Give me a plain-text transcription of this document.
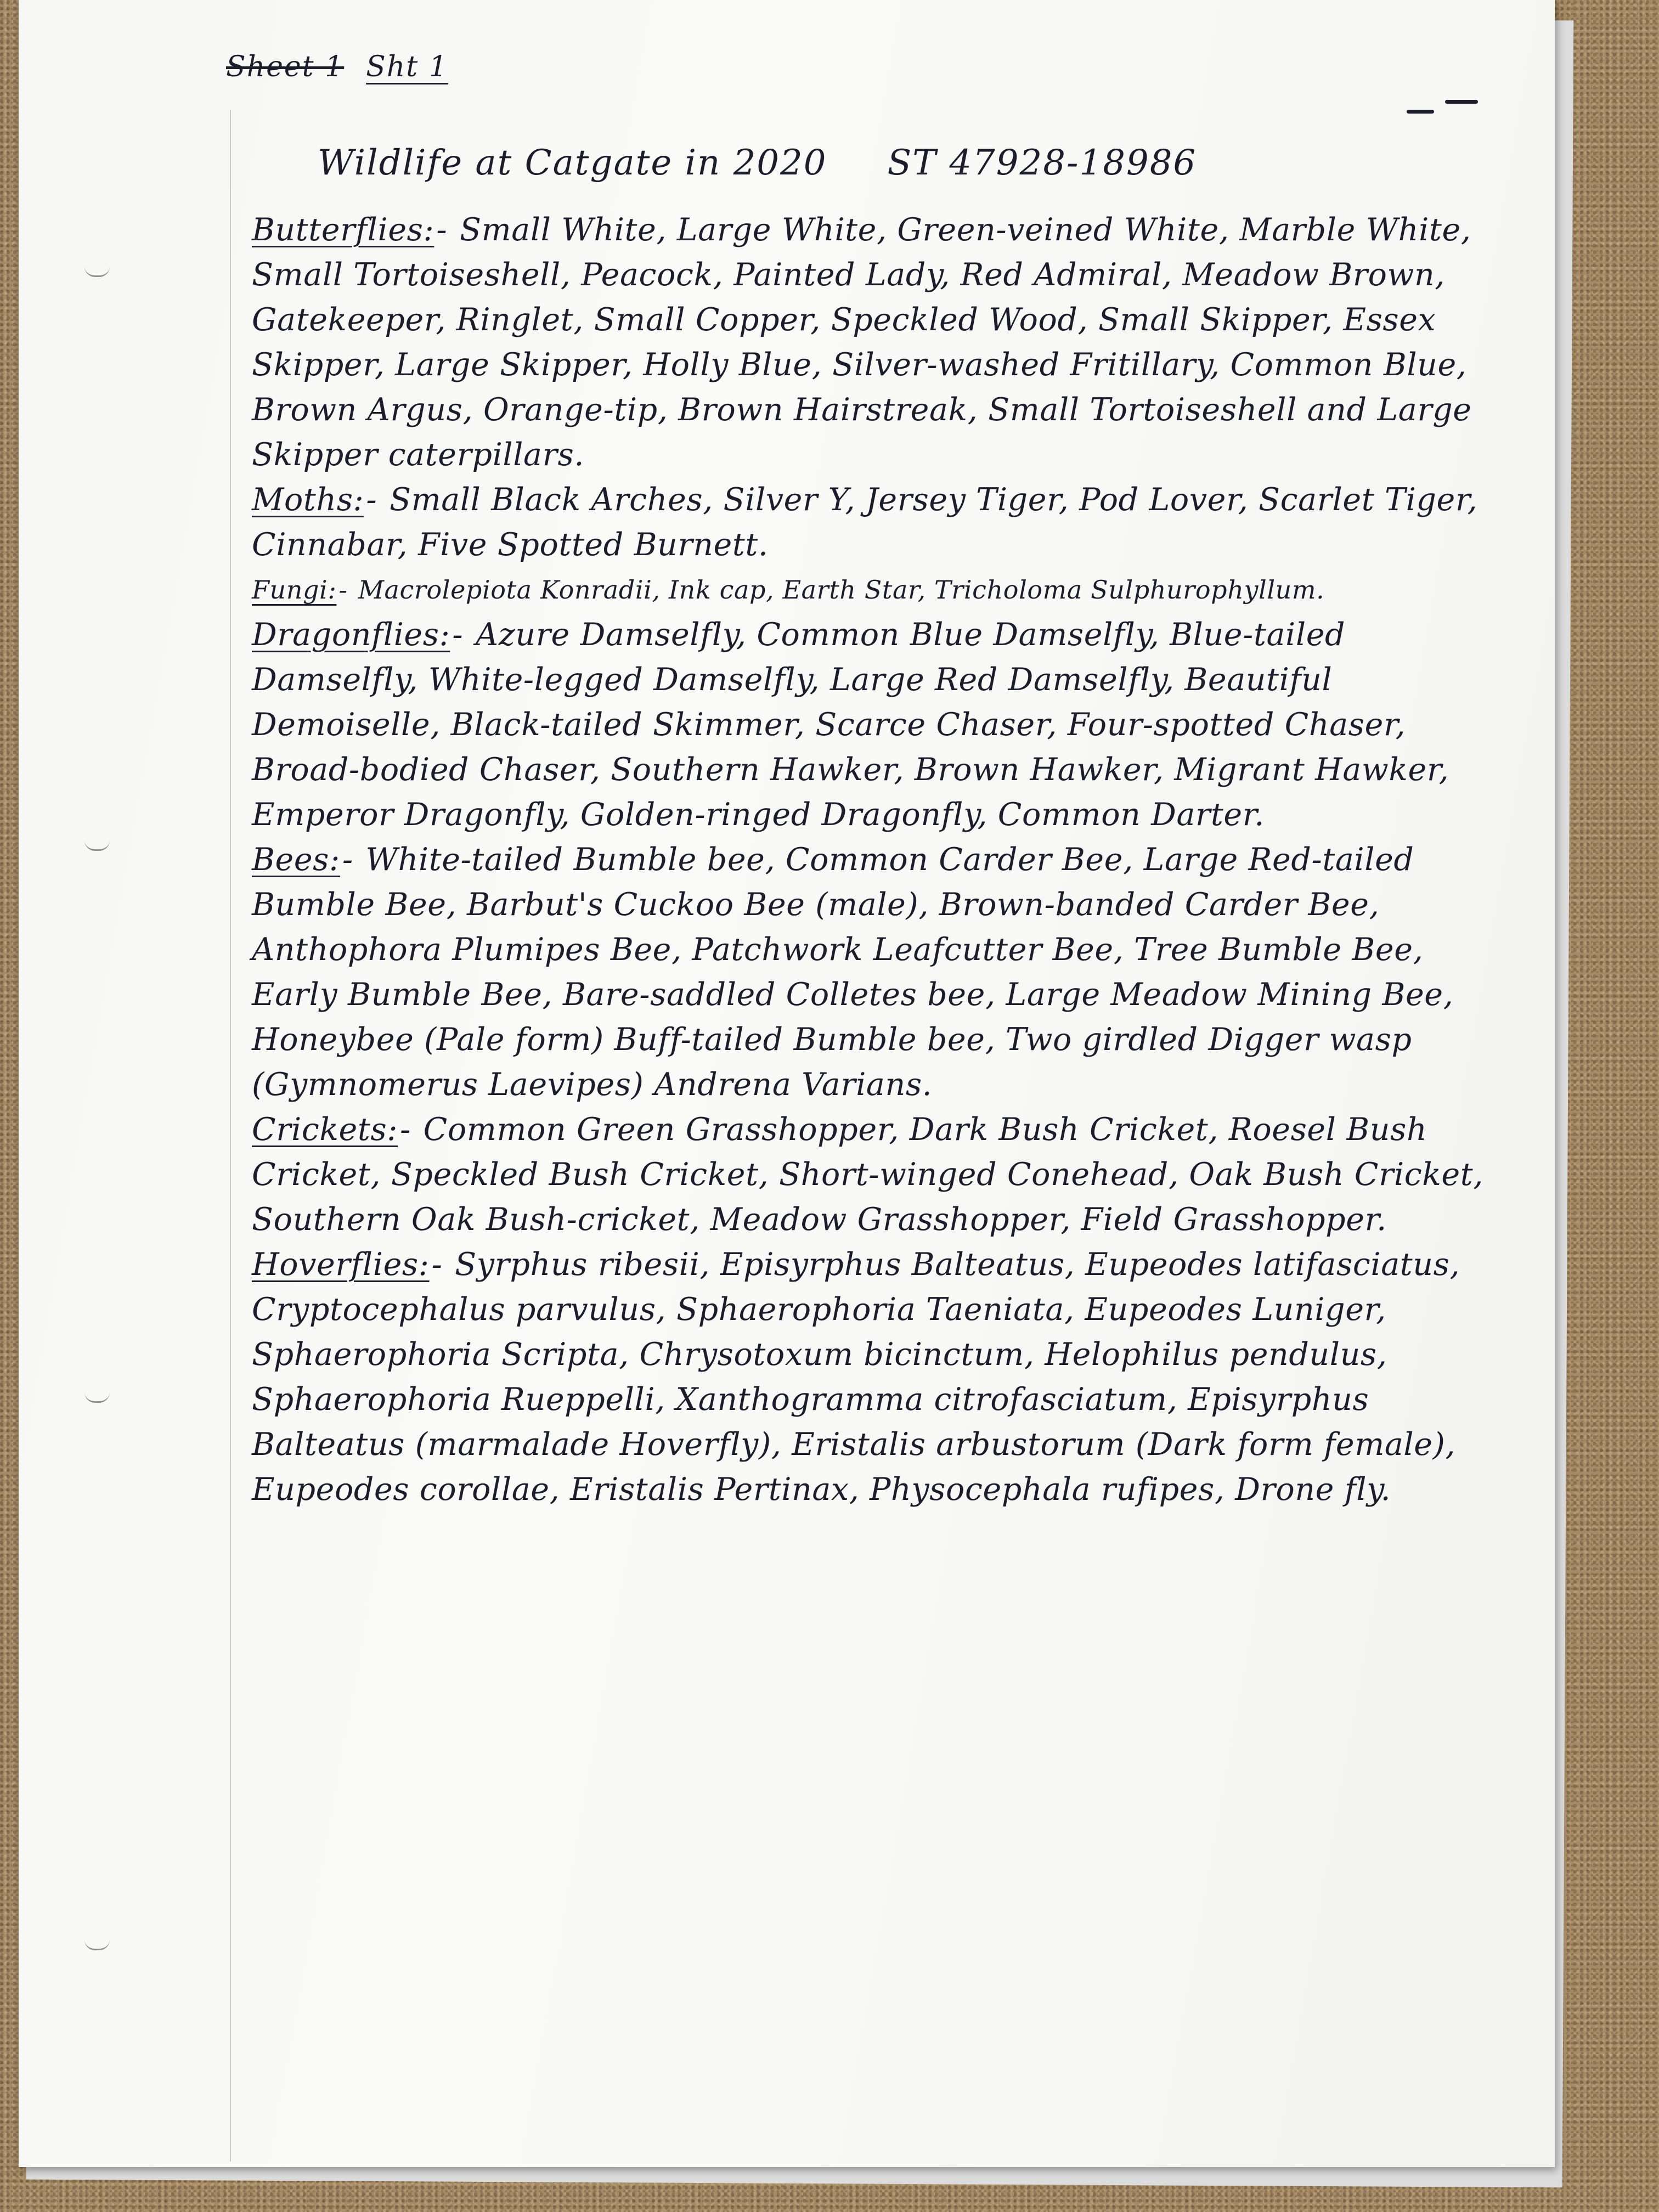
Sheet 1 Sht 1
Wildlife at Catgate in 2020 ST 47928-18986

Butterflies:- Small White, Large White, Green-veined White, Marble White, Small Tortoiseshell, Peacock, Painted Lady, Red Admiral, Meadow Brown, Gatekeeper, Ringlet, Small Copper, Speckled Wood, Small Skipper, Essex Skipper, Large Skipper, Holly Blue, Silver-washed Fritillary, Common Blue, Brown Argus, Orange-tip, Brown Hairstreak, Small Tortoiseshell and Large Skipper caterpillars.

Moths:- Small Black Arches, Silver Y, Jersey Tiger, Pod Lover, Scarlet Tiger, Cinnabar, Five Spotted Burnett.

Fungi:- Macrolepiota Konradii, Ink cap, Earth Star, Tricholoma Sulphurophyllum.

Dragonflies:- Azure Damselfly, Common Blue Damselfly, Blue-tailed Damselfly, White-legged Damselfly, Large Red Damselfly, Beautiful Demoiselle, Black-tailed Skimmer, Scarce Chaser, Four-spotted Chaser, Broad-bodied Chaser, Southern Hawker, Brown Hawker, Migrant Hawker, Emperor Dragonfly, Golden-ringed Dragonfly, Common Darter.

Bees:- White-tailed Bumble bee, Common Carder Bee, Large Red-tailed Bumble Bee, Barbut's Cuckoo Bee (male), Brown-banded Carder Bee, Anthophora Plumipes Bee, Patchwork Leafcutter Bee, Tree Bumble Bee, Early Bumble Bee, Bare-saddled Colletes bee, Large Meadow Mining Bee, Honeybee (Pale form) Buff-tailed Bumble bee, Two girdled Digger wasp (Gymnomerus Laevipes) Andrena Varians.

Crickets:- Common Green Grasshopper, Dark Bush Cricket, Roesel Bush Cricket, Speckled Bush Cricket, Short-winged Conehead, Oak Bush Cricket, Southern Oak Bush-cricket, Meadow Grasshopper, Field Grasshopper.

Hoverflies:- Syrphus ribesii, Episyrphus Balteatus, Eupeodes latifasciatus, Cryptocephalus parvulus, Sphaerophoria Taeniata, Eupeodes Luniger, Sphaerophoria Scripta, Chrysotoxum bicinctum, Helophilus pendulus, Sphaerophoria Rueppelli, Xanthogramma citrofasciatum, Episyrphus Balteatus (marmalade Hoverfly), Eristalis arbustorum (Dark form female), Eupeodes corollae, Eristalis Pertinax, Physocephala rufipes, Drone fly.
